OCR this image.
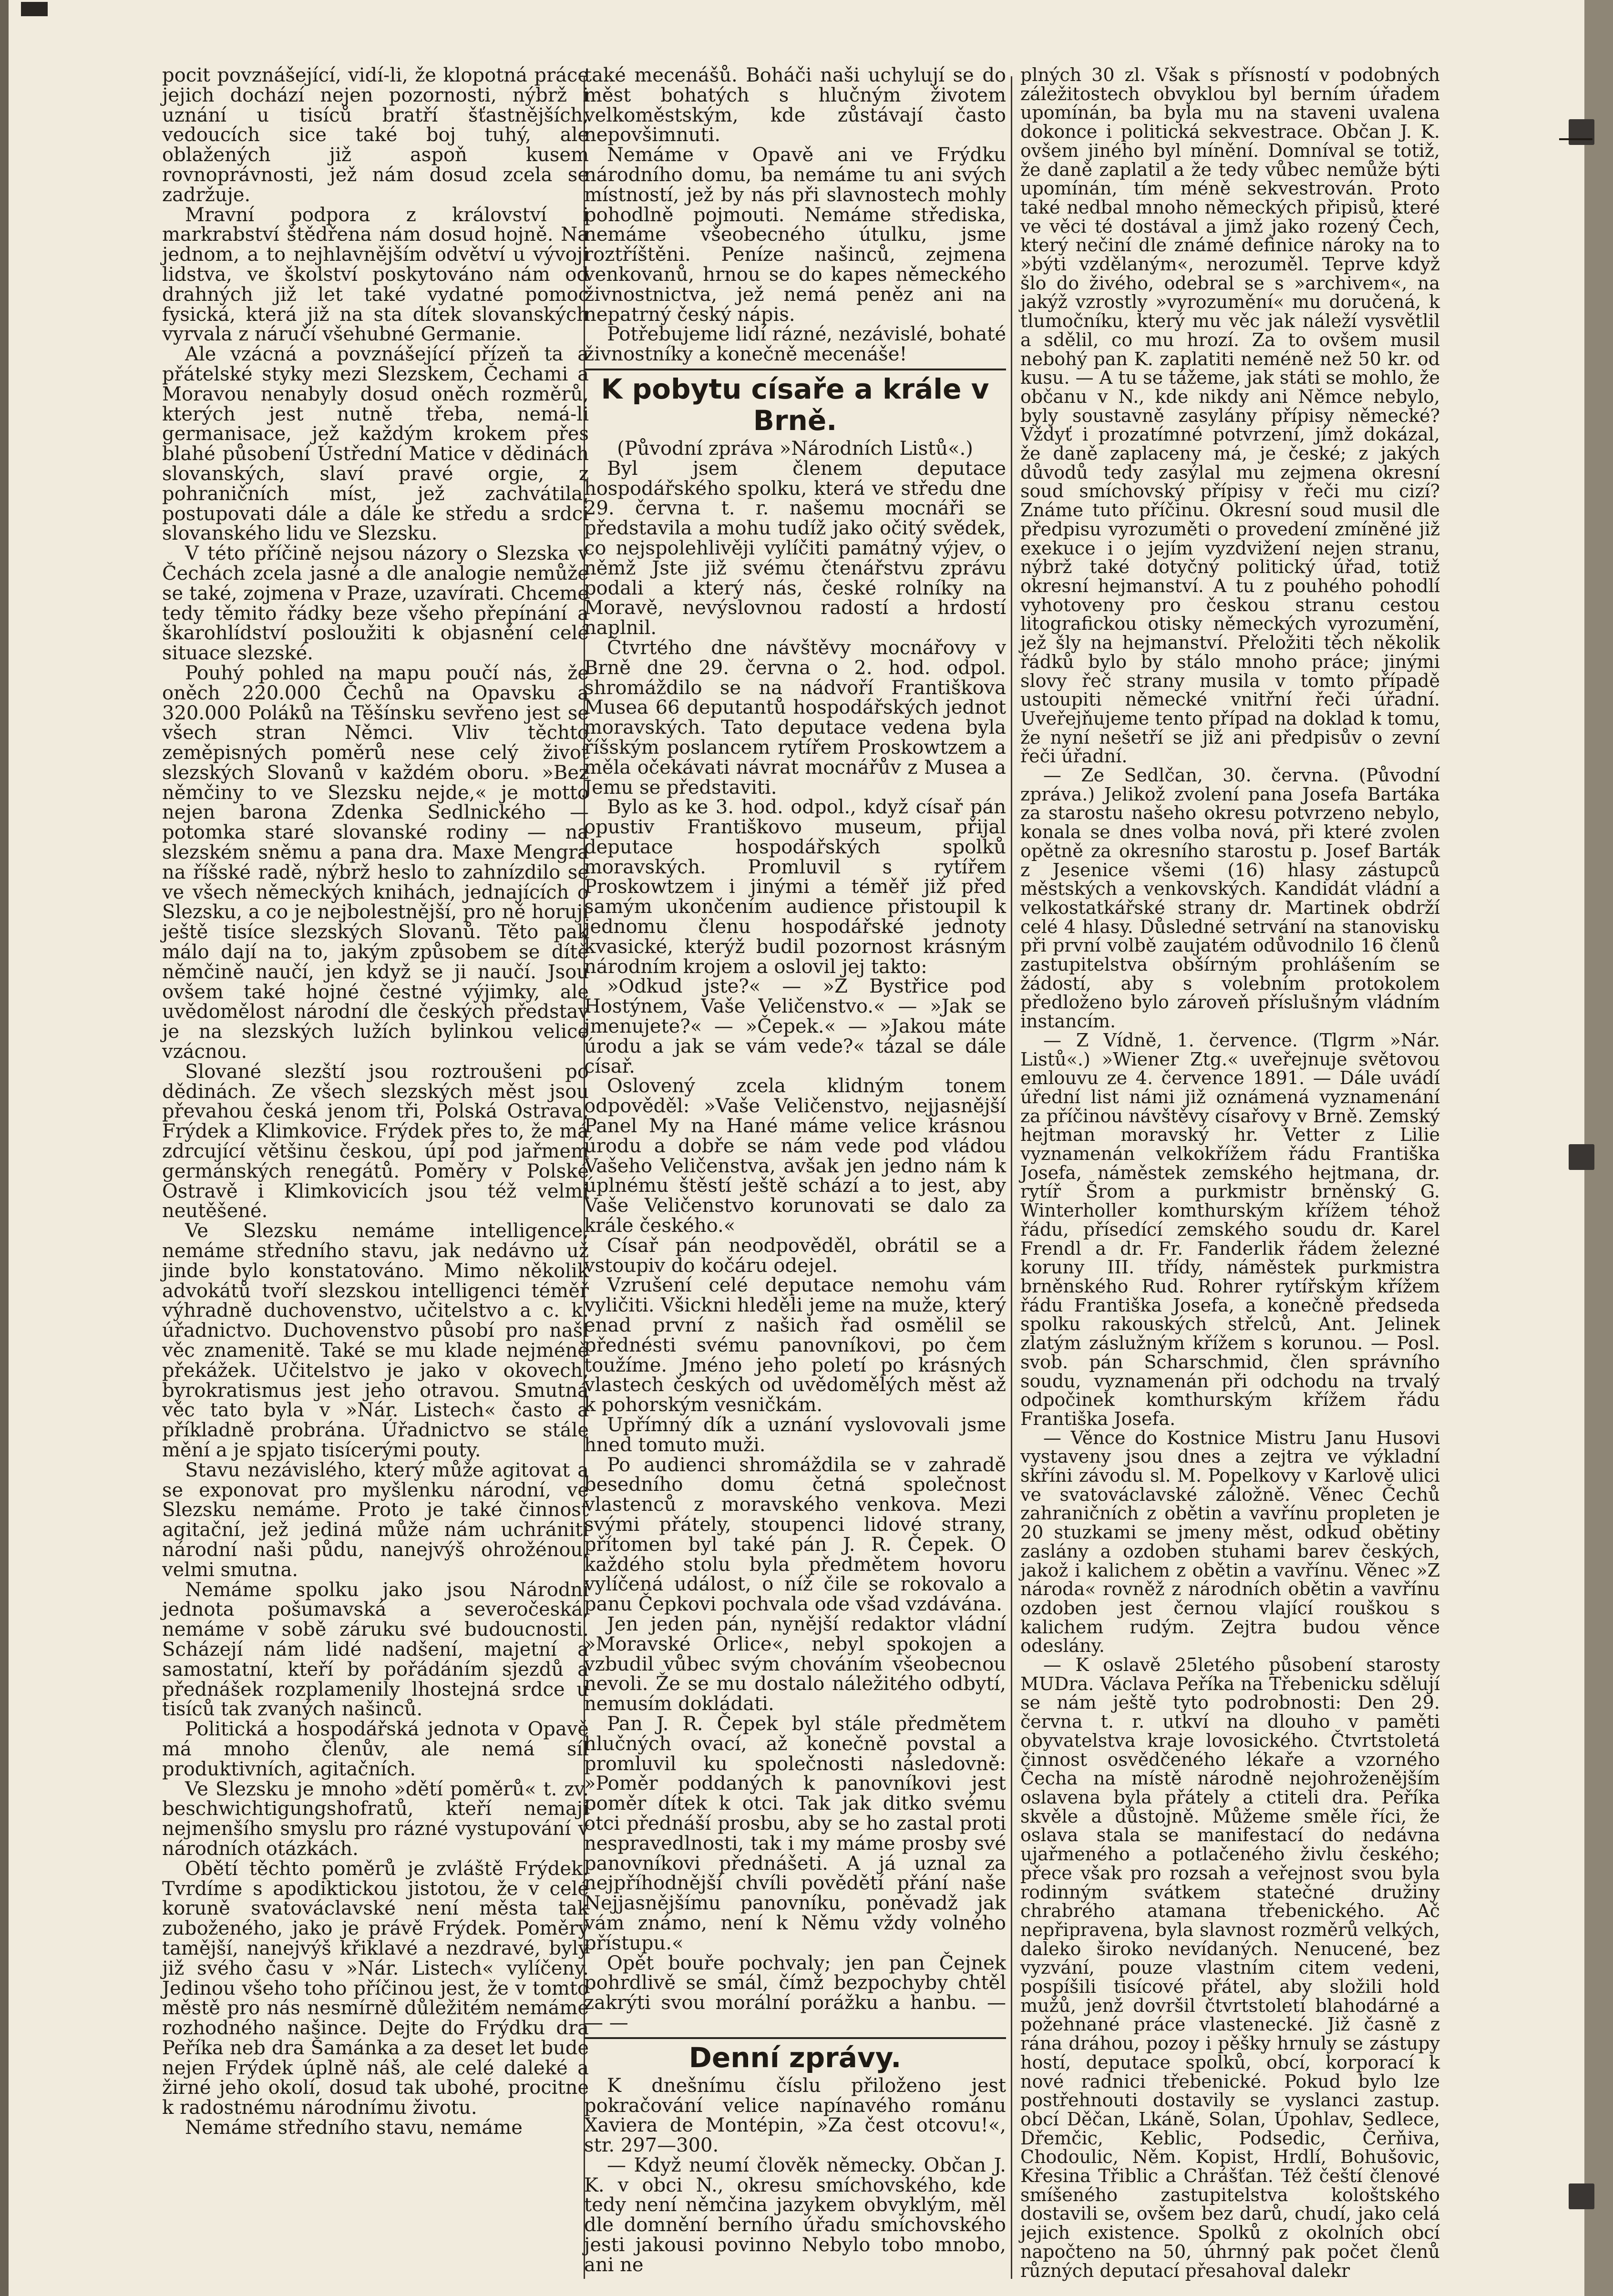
pocit povznášející, vidí-li, že klopotná práce jejich dochází nejen pozornosti, nýbrž i uznání u tisíců bratří šťastnějších, vedoucích sice také boj tuhý, ale oblažených již aspoň kusem rovnoprávnosti, jež nám dosud zcela se zadržuje.

Mravní podpora z království i markrabství štědřena nám dosud hojně. Na jednom, a to nejhlavnějším odvětví u vývoji lidstva, ve školství poskytováno nám od drahných již let také vydatné pomoc fysická, která již na sta dítek slovanských vyrvala z náručí všehubné Germanie.

Ale vzácná a povznášející přízeň ta a přátelské styky mezi Slezskem, Čechami a Moravou nenabyly dosud oněch rozměrů, kterých jest nutně třeba, nemá-li germanisace, jež každým krokem přes blahé působení Ústřední Matice v dědinách slovanských, slaví pravé orgie, z pohraničních míst, jež zachvátila, postupovati dále a dále ke středu a srdci slovanského lidu ve Slezsku.

V této příčině nejsou názory o Slezska v Čechách zcela jasné a dle analogie nemůže se také, zojmena v Praze, uzavírati. Chceme tedy těmito řádky beze všeho přepínání a škarohlídství posloužiti k objasnění celé situace slezské.

Pouhý pohled na mapu poučí nás, že oněch 220.000 Čechů na Opavsku a 320.000 Poláků na Těšínsku sevřeno jest se všech stran Němci. Vliv těchto zeměpisných poměrů nese celý život slezských Slovanů v každém oboru. »Bez němčiny to ve Slezsku nejde,« je motto nejen barona Zdenka Sedlnického — potomka staré slovanské rodiny — na slezském sněmu a pana dra. Maxe Mengra na říšské radě, nýbrž heslo to zahnízdilo se ve všech německých knihách, jednajících o Slezsku, a co je nejbolestnější, pro ně horují ještě tisíce slezských Slovanů. Těto pak málo dají na to, jakým způsobem se dítě němčině naučí, jen když se ji naučí. Jsou ovšem také hojné čestné výjimky, ale uvědomělost národní dle českých představ je na slezských lužích bylinkou velice vzácnou.

Slované slezští jsou roztroušeni po dědinách. Ze všech slezských měst jsou převahou česká jenom tři, Polská Ostrava, Frýdek a Klimkovice. Frýdek přes to, že má zdrcující většinu českou, úpí pod jařmem germánských renegátů. Poměry v Polské Ostravě i Klimkovicích jsou též velmi neutěšené.

Ve Slezsku nemáme intelligence, nemáme středního stavu, jak nedávno už jinde bylo konstatováno. Mimo několik advokátů tvoří slezskou intelligenci téměř výhradně duchovenstvo, učitelstvo a c. k. úřadnictvo. Duchovenstvo působí pro naši věc znamenitě. Také se mu klade nejméně překážek. Učitelstvo je jako v okovech, byrokratismus jest jeho otravou. Smutná věc tato byla v »Nár. Listech« často a příkladně probrána. Úřadnictvo se stále mění a je spjato tisícerými pouty.

Stavu nezávislého, který může agitovat a se exponovat pro myšlenku národní, ve Slezsku nemáme. Proto je také činnost agitační, jež jediná může nám uchrániti národní naši půdu, nanejvýš ohrožénou, velmi smutna.

Nemáme spolku jako jsou Národní jednota pošumavská a severočeská, nemáme v sobě záruku své budoucnosti. Scházejí nám lidé nadšení, majetní a samostatní, kteří by pořádáním sjezdů a přednášek rozplamenily lhostejná srdce u tisíců tak zvaných našinců.

Politická a hospodářská jednota v Opavě má mnoho členův, ale nemá síl produktivních, agitačních.

Ve Slezsku je mnoho »dětí poměrů« t. zv. beschwichtigungshofratů, kteří nemají nejmenšího smyslu pro rázné vystupování v národních otázkách.

Obětí těchto poměrů je zvláště Frýdek. Tvrdíme s apodiktickou jistotou, že v celé koruně svatováclavské není města tak zuboženého, jako je právě Frýdek. Poměry tamější, nanejvýš křiklavé a nezdravé, byly již svého času v »Nár. Listech« vylíčeny. Jedinou všeho toho příčinou jest, že v tomto městě pro nás nesmírně důležitém nemáme rozhodného našince. Dejte do Frýdku dra Peříka neb dra Šamánka a za deset let bude nejen Frýdek úplně náš, ale celé daleké a žirné jeho okolí, dosud tak ubohé, procitne k radostnému národnímu životu.

Nemáme středního stavu, nemáme

také mecenášů. Boháči naši uchylují se do měst bohatých s hlučným životem velkoměstským, kde zůstávají často nepovšimnuti.

Nemáme v Opavě ani ve Frýdku národního domu, ba nemáme tu ani svých místností, jež by nás při slavnostech mohly pohodlně pojmouti. Nemáme střediska, nemáme všeobecného útulku, jsme roztříštěni. Peníze našinců, zejmena venkovanů, hrnou se do kapes německého živnostnictva, jež nemá peněz ani na nepatrný český nápis.

Potřebujeme lidí rázné, nezávislé, bohaté živnostníky a konečně mecenáše!

K pobytu císaře a krále v Brně.

(Původní zpráva »Národních Listů«.)

Byl jsem členem deputace hospodářského spolku, která ve středu dne 29. června t. r. našemu mocnáři se představila a mohu tudíž jako očitý svědek, co nejspolehlivěji vylíčiti památný výjev, o němž Jste již svému čtenářstvu zprávu podali a který nás, české rolníky na Moravě, nevýslovnou radostí a hrdostí naplnil.

Čtvrtého dne návštěvy mocnářovy v Brně dne 29. června o 2. hod. odpol. shromáždilo se na nádvoří Františkova Musea 66 deputantů hospodářských jednot moravských. Tato deputace vedena byla říšským poslancem rytířem Proskowtzem a měla očekávati návrat mocnářův z Musea a Jemu se představiti.

Bylo as ke 3. hod. odpol., když císař pán opustiv Františkovo museum, přijal deputace hospodářských spolků moravských. Promluvil s rytířem Proskowtzem i jinými a téměř již před samým ukončením audience přistoupil k jednomu členu hospodářské jednoty kvasické, kterýž budil pozornost krásným národním krojem a oslovil jej takto:

»Odkud jste?« — »Z Bystřice pod Hostýnem, Vaše Veličenstvo.« — »Jak se jmenujete?« — »Čepek.« — »Jakou máte úrodu a jak se vám vede?« tázal se dále císař.

Oslovený zcela klidným tonem odpověděl: »Vaše Veličenstvo, nejjasnější Panel My na Hané máme velice krásnou úrodu a dobře se nám vede pod vládou Vašeho Veličenstva, avšak jen jedno nám k úplnému štěstí ještě schází a to jest, aby Vaše Veličenstvo korunovati se dalo za krále českého.«

Císař pán neodpověděl, obrátil se a vstoupiv do kočáru odejel.

Vzrušení celé deputace nemohu vám vyličiti. Všickni hleděli jeme na muže, který enad první z našich řad osmělil se přednésti svému panovníkovi, po čem toužíme. Jméno jeho poletí po krásných vlastech českých od uvědomělých měst až k pohorským vesničkám.

Upřímný dík a uznání vyslovovali jsme hned tomuto muži.

Po audienci shromáždila se v zahradě besedního domu četná společnost vlastenců z moravského venkova. Mezi svými přátely, stoupenci lidové strany, přítomen byl také pán J. R. Čepek. O každého stolu byla předmětem hovoru vylíčená událost, o níž čile se rokovalo a panu Čepkovi pochvala ode všad vzdávána.

Jen jeden pán, nynější redaktor vládní »Moravské Orlice«, nebyl spokojen a vzbudil vůbec svým chováním všeobecnou nevoli. Že se mu dostalo náležitého odbytí, nemusím dokládati.

Pan J. R. Čepek byl stále předmětem hlučných ovací, až konečně povstal a promluvil ku společnosti následovně: »Poměr poddaných k panovníkovi jest poměr dítek k otci. Tak jak ditko svému otci přednáší prosbu, aby se ho zastal proti nespravedlnosti, tak i my máme prosby své panovníkovi přednášeti. A já uznal za nejpříhodnější chvíli povědětí přání naše Nejjasnějšímu panovníku, poněvadž jak vám známo, není k Němu vždy volného přístupu.«

Opět bouře pochvaly; jen pan Čejnek pohrdlivě se smál, čímž bezpochyby chtěl zakrýti svou morální porážku a hanbu. — — —

Denní zprávy.

K dnešnímu číslu přiloženo jest pokračování velice napínavého románu Xaviera de Montépin, »Za čest otcovu!«, str. 297—300.

— Když neumí člověk německy. Občan J. K. v obci N., okresu smíchovského, kde tedy není němčina jazykem obvyklým, měl dle domnění berního úřadu smíchovského jesti jakousi povinno Nebylo tobo mnobo, ani ne

plných 30 zl. Však s přísností v podobných záležitostech obvyklou byl berním úřadem upomínán, ba byla mu na staveni uvalena dokonce i politická sekvestrace. Občan J. K. ovšem jiného byl mínění. Domníval se totiž, že daně zaplatil a že tedy vůbec nemůže býti upomínán, tím méně sekvestrován. Proto také nedbal mnoho německých připisů, které ve věci té dostával a jimž jako rozený Čech, který nečiní dle známé definice nároky na to »býti vzdělaným«, nerozuměl. Teprve když šlo do živého, odebral se s »archivem«, na jakýž vzrostly »vyrozumění« mu doručená, k tlumočníku, který mu věc jak náleží vysvětlil a sdělil, co mu hrozí. Za to ovšem musil nebohý pan K. zaplatiti neméně než 50 kr. od kusu. — A tu se tážeme, jak státi se mohlo, že občanu v N., kde nikdy ani Němce nebylo, byly soustavně zasylány přípisy německé? Vždyť i prozatímné potvrzení, jímž dokázal, že daně zaplaceny má, je české; z jakých důvodů tedy zasýlal mu zejmena okresní soud smíchovský přípisy v řeči mu cizí? Známe tuto příčinu. Okresní soud musil dle předpisu vyrozuměti o provedení zmíněné již exekuce i o jejím vyzdvižení nejen stranu, nýbrž také dotyčný politický úřad, totiž okresní hejmanství. A tu z pouhého pohodlí vyhotoveny pro českou stranu cestou litografickou otisky německých vyrozumění, jež šly na hejmanství. Přeložiti těch několik řádků bylo by stálo mnoho práce; jinými slovy řeč strany musila v tomto případě ustoupiti německé vnitřní řeči úřadní. Uveřejňujeme tento případ na doklad k tomu, že nyní nešetří se již ani předpisův o zevní řeči úřadní.

— Ze Sedlčan, 30. června. (Původní zpráva.) Jelikož zvolení pana Josefa Bartáka za starostu našeho okresu potvrzeno nebylo, konala se dnes volba nová, při které zvolen opětně za okresního starostu p. Josef Barták z Jesenice všemi (16) hlasy zástupců městských a venkovských. Kandidát vládní a velkostatkářské strany dr. Martinek obdrží celé 4 hlasy. Důsledné setrvání na stanovisku při první volbě zaujatém odůvodnilo 16 členů zastupitelstva obšírným prohlášením se žádostí, aby s volebním protokolem předloženo bylo zároveň příslušným vládním instancím.

— Z Vídně, 1. července. (Tlgrm »Nár. Listů«.) »Wiener Ztg.« uveřejnuje světovou emlouvu ze 4. července 1891. — Dále uvádí úřední list námi již oznámená vyznamenání za příčinou návštěvy císařovy v Brně. Zemský hejtman moravský hr. Vetter z Lilie vyznamenán velkokřížem řádu Františka Josefa, náměstek zemského hejtmana, dr. rytíř Šrom a purkmistr brněnský G. Winterholler komthurským křížem téhož řádu, přísedící zemského soudu dr. Karel Frendl a dr. Fr. Fanderlik řádem železné koruny III. třídy, náměstek purkmistra brněnského Rud. Rohrer rytířským křížem řádu Františka Josefa, a konečně předseda spolku rakouských střelců, Ant. Jelinek zlatým záslužným křížem s korunou. — Posl. svob. pán Scharschmid, člen správního soudu, vyznamenán při odchodu na trvalý odpočinek komthurským křížem řádu Františka Josefa.

— Věnce do Kostnice Mistru Janu Husovi vystaveny jsou dnes a zejtra ve výkladní skříni závodu sl. M. Popelkovy v Karlově ulici ve svatováclavské záložně. Věnec Čechů zahraničních z obětin a vavřínu propleten je 20 stuzkami se jmeny měst, odkud obětiny zaslány a ozdoben stuhami barev českých, jakož i kalichem z obětin a vavřínu. Věnec »Z národa« rovněž z národních obětin a vavřínu ozdoben jest černou vlající rouškou s kalichem rudým. Zejtra budou věnce odeslány.

— K oslavě 25letého působení starosty MUDra. Václava Peříka na Třebenicku sdělují se nám ještě tyto podrobnosti: Den 29. června t. r. utkví na dlouho v paměti obyvatelstva kraje lovosického. Čtvrtstoletá činnost osvědčeného lékaře a vzorného Čecha na místě národně nejohroženějším oslavena byla přátely a ctiteli dra. Peříka skvěle a důstojně. Můžeme směle říci, že oslava stala se manifestací do nedávna ujařmeného a potlačeného živlu českého; přece však pro rozsah a veřejnost svou byla rodinným svátkem statečné družiny chrabrého atamana třebenického. Ač nepřipravena, byla slavnost rozměrů velkých, daleko široko nevídaných. Nenucené, bez vyzvání, pouze vlastním citem vedeni, pospíšili tisícové přátel, aby složili hold mužů, jenž dovršil čtvrtstoletí blahodárné a požehnané práce vlastenecké. Již časně z rána dráhou, pozoy i pěšky hrnuly se zástupy hostí, deputace spolků, obcí, korporací k nové radnici třebenické. Pokud bylo lze postřehnouti dostavily se vyslanci zastup. obcí Děčan, Lkáně, Solan, Úpohlav, Sedlece, Dřemčic, Keblic, Podsedic, Čerňiva, Chodoulic, Něm. Kopist, Hrdlí, Bohušovic, Křesina Třiblic a Chrášťan. Též čeští členové smíšeného zastupitelstva kološtského dostavili se, ovšem bez darů, chudí, jako celá jejich existence. Spolků z okolních obcí napočteno na 50, úhrnný pak počet členů různých deputací přesahoval dalekr
